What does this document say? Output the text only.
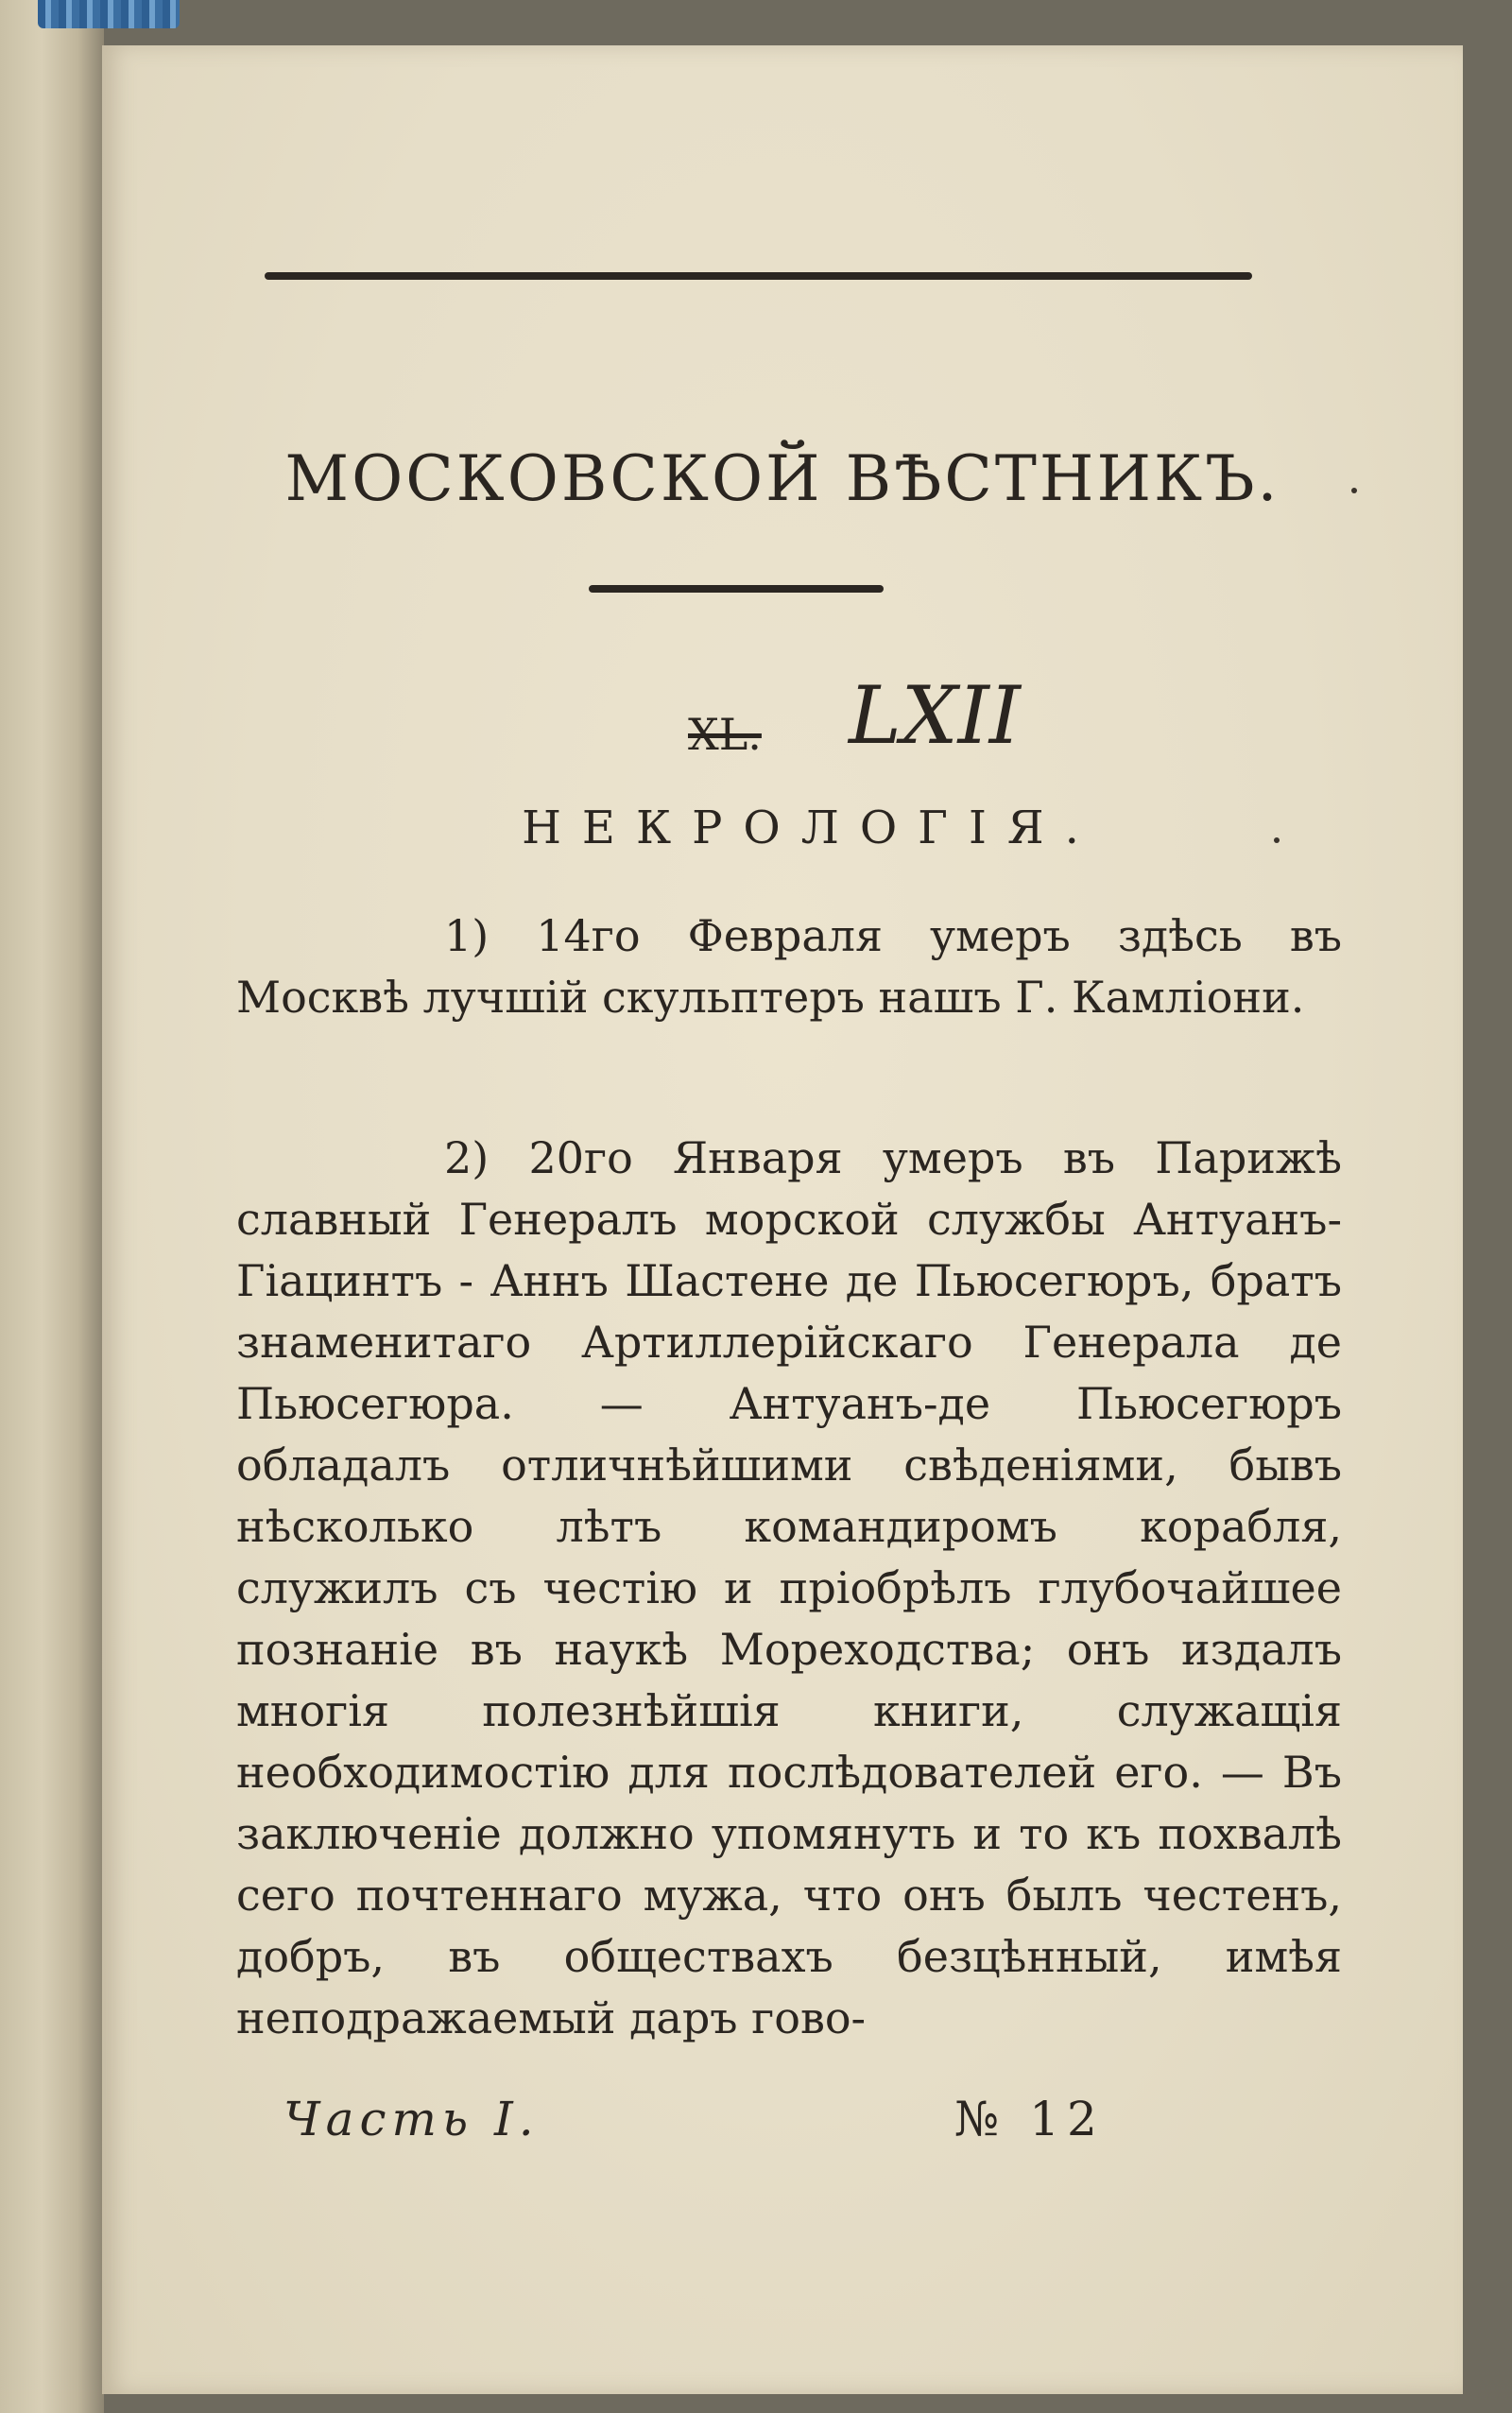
МОСКОВСКОЙ ВѢСТНИКЪ.
XL. LXII
НЕКРОЛОГIЯ.

1) 14го Февраля умеръ здѣсь въ Москвѣ лучшiй скульптеръ нашъ Г. Камлiони.

2) 20го Января умеръ въ Парижѣ славный Генералъ морской службы Антуанъ-Гiацинтъ - Аннъ Шастене де Пьюсегюръ, братъ знаменитаго Артиллерiйскаго Генерала де Пьюсегюра. — Антуанъ-де Пьюсегюръ обладалъ отличнѣйшими свѣденiями, бывъ нѣсколько лѣтъ командиромъ корабля, служилъ съ честiю и прiобрѣлъ глубочайшее познанiе въ наукѣ Мореходства; онъ издалъ многiя полезнѣйшiя книги, служащiя необходимостiю для послѣдователей его. — Въ заключенiе должно упомянуть и то къ похвалѣ сего почтеннаго мужа, что онъ былъ честенъ, добръ, въ обществахъ безцѣнный, имѣя неподражаемый даръ гово-

Часть I.	№ 12
